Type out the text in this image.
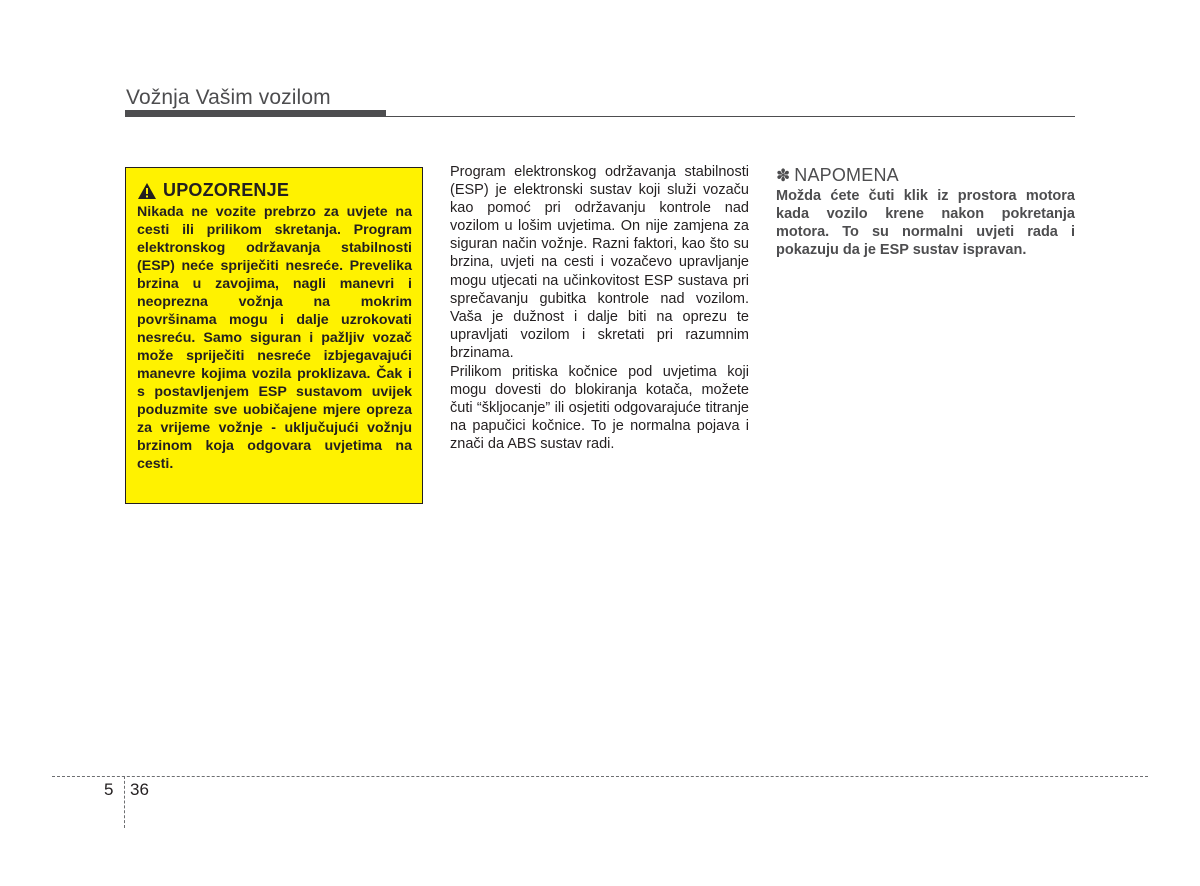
Vožnja Vašim vozilom
UPOZORENJE

Nikada ne vozite prebrzo za uvjete na cesti ili prilikom skretanja. Program elektronskog održavanja stabilnosti (ESP) neće spriječiti nesreće. Prevelika brzina u zavojima, nagli manevri i neoprezna vožnja na mokrim površinama mogu i dalje uzrokovati nesreću. Samo siguran i pažljiv vozač može spriječiti nesreće izbjegavajući manevre kojima vozila proklizava. Čak i s postavljenjem ESP sustavom uvijek poduzmite sve uobičajene mjere opreza za vrijeme vožnje - uključujući vožnju brzinom koja odgovara uvjetima na cesti.

Program elektronskog održavanja stabilnosti (ESP) je elektronski sustav koji služi vozaču kao pomoć pri održavanju kontrole nad vozilom u lošim uvjetima. On nije zamjena za siguran način vožnje. Razni faktori, kao što su brzina, uvjeti na cesti i vozačevo upravljanje mogu utjecati na učinkovitost ESP sustava pri sprečavanju gubitka kontrole nad vozilom. Vaša je dužnost i dalje biti na oprezu te upravljati vozilom i skretati pri razumnim brzinama.

Prilikom pritiska kočnice pod uvjetima koji mogu dovesti do blokiranja kotača, možete čuti “škljocanje” ili osjetiti odgovarajuće titranje na papučici kočnice. To je normalna pojava i znači da ABS sustav radi.

✽ NAPOMENA

Možda ćete čuti klik iz prostora motora kada vozilo krene nakon pokretanja motora. To su normalni uvjeti rada i pokazuju da je ESP sustav ispravan.

5 36
